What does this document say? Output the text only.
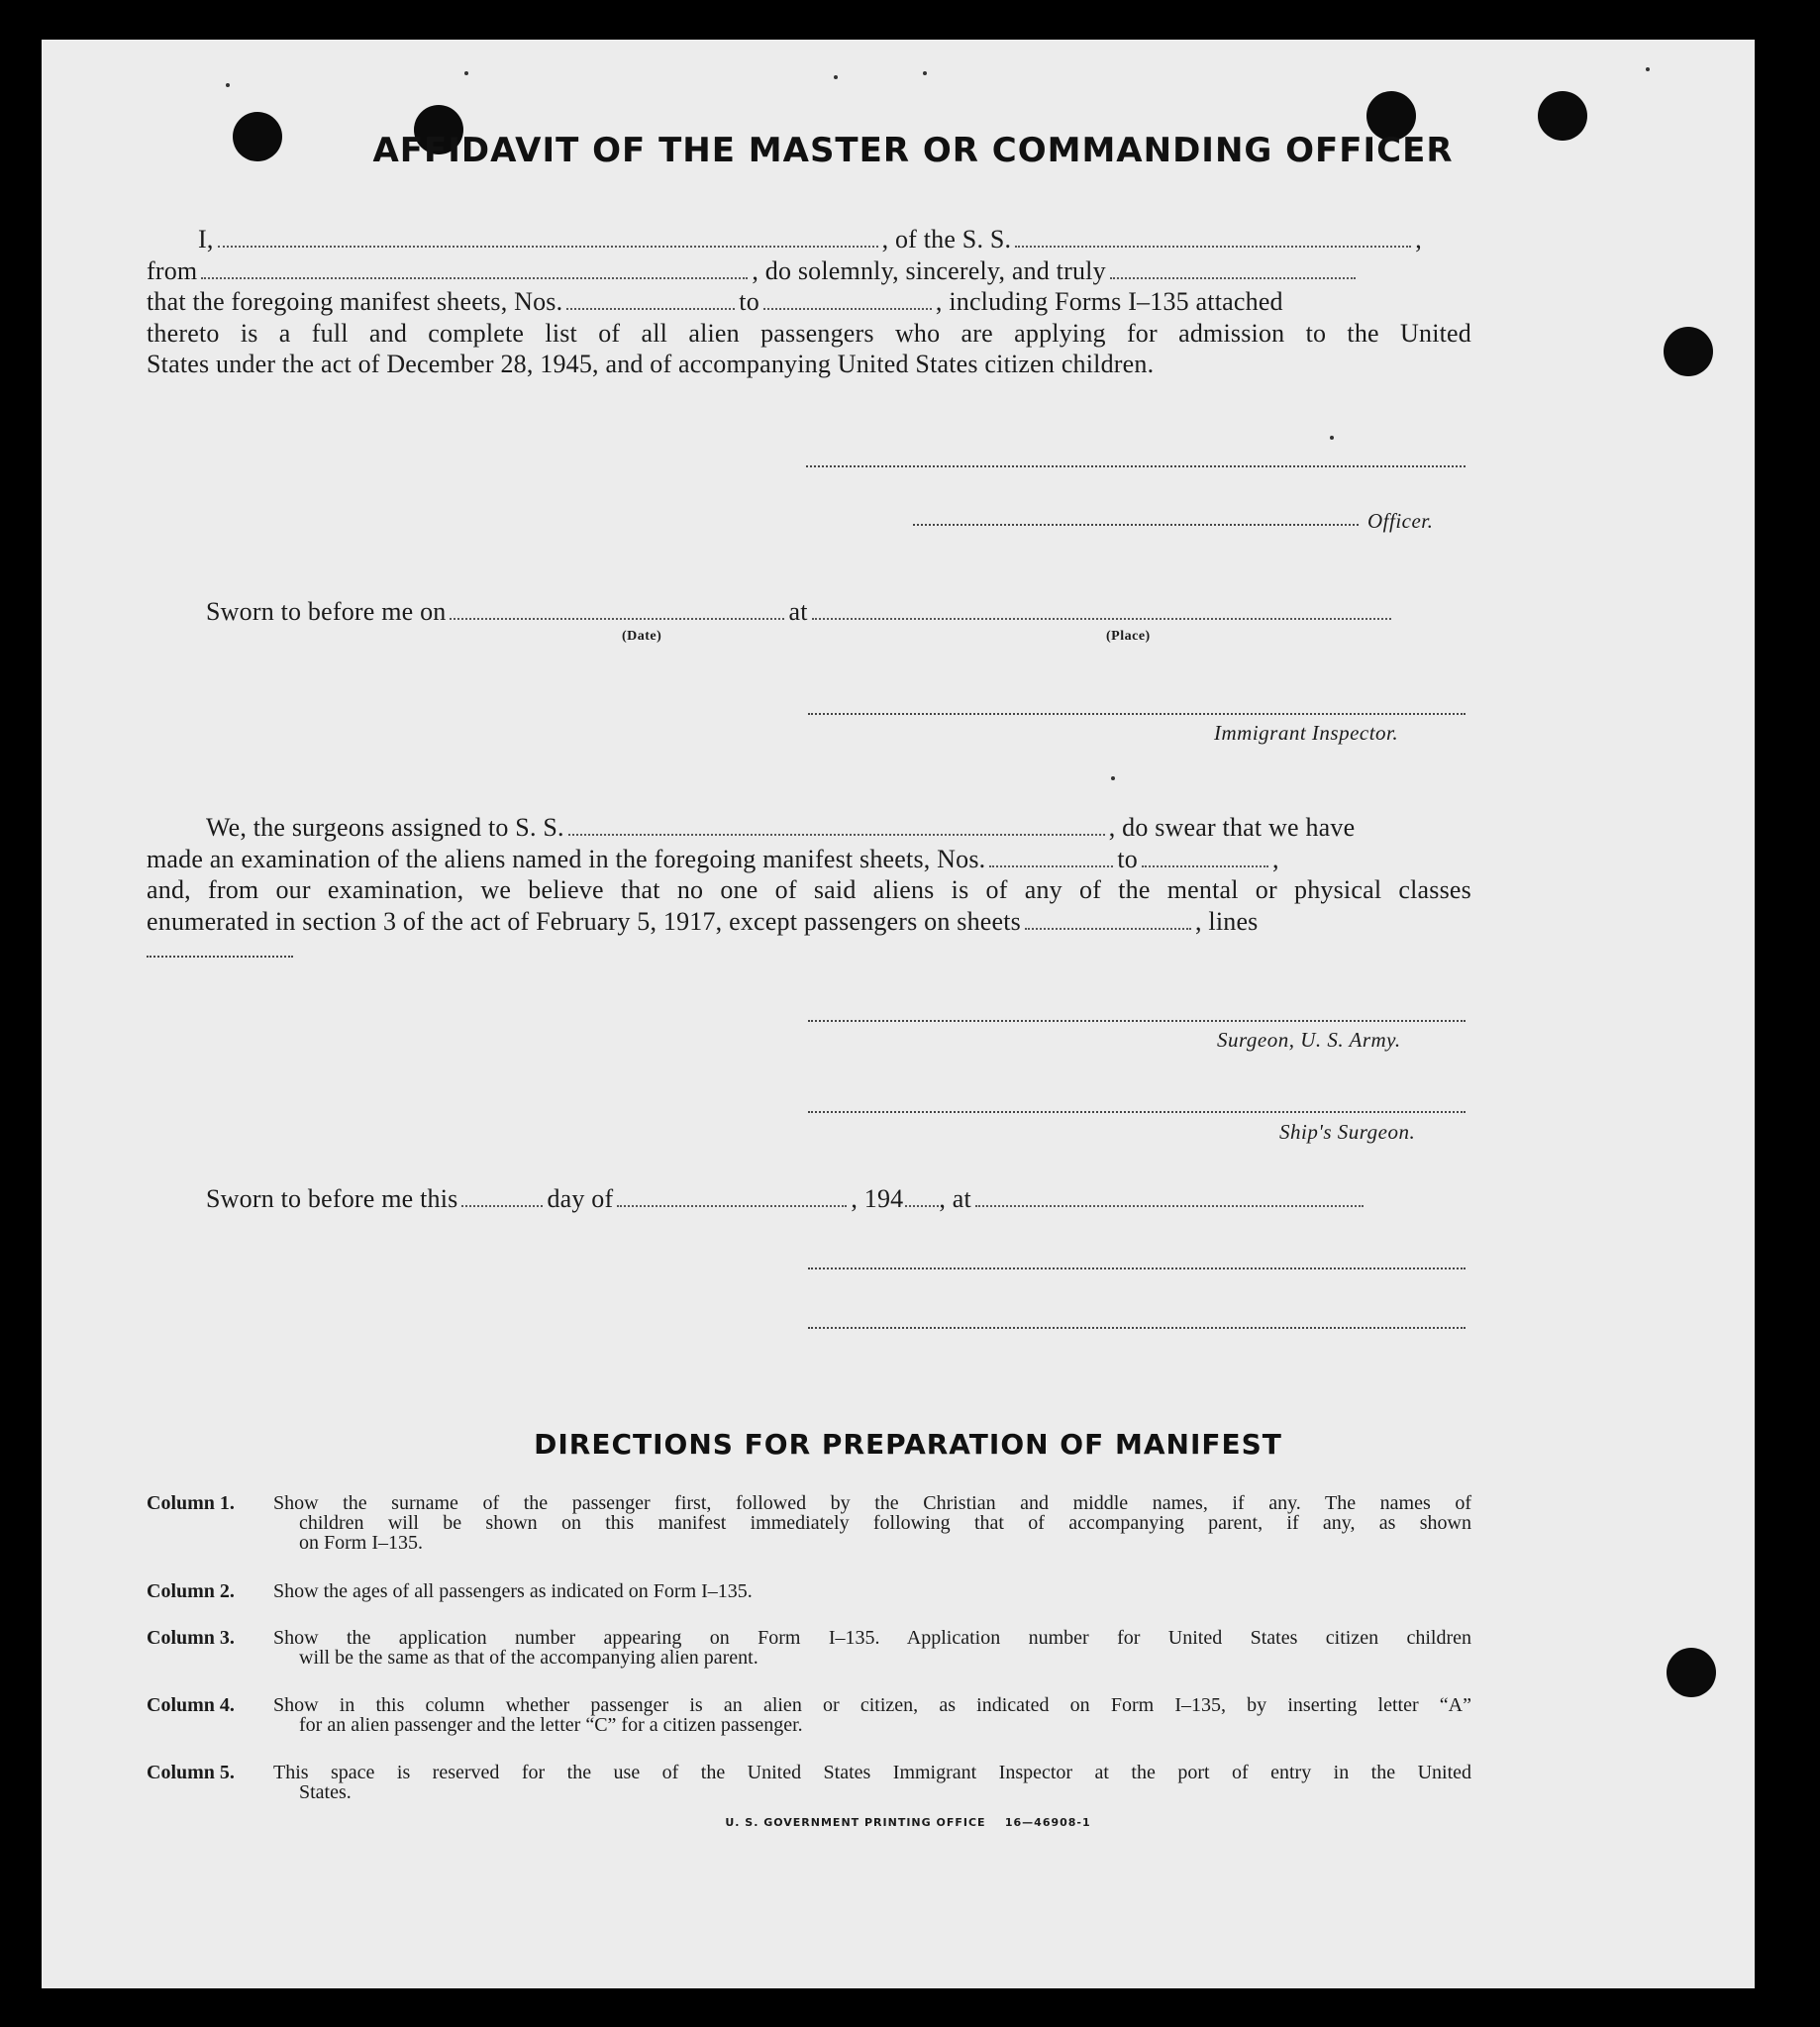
AFFIDAVIT OF THE MASTER OR COMMANDING OFFICER
I,	, of the S. S.	,
from	, do solemnly, sincerely, and truly
that the foregoing manifest sheets, Nos.	to	, including Forms I–135 attached
thereto is a full and complete list of all alien passengers who are applying for admission to the United
States under the act of December 28, 1945, and of accompanying United States citizen children.
Officer.
Sworn to before me on	at
(Date)	(Place)
Immigrant Inspector.
We, the surgeons assigned to S. S.	, do swear that we have
made an examination of the aliens named in the foregoing manifest sheets, Nos.	to	,
and, from our examination, we believe that no one of said aliens is of any of the mental or physical classes
enumerated in section 3 of the act of February 5, 1917, except passengers on sheets	, lines
Surgeon, U. S. Army.
Ship's Surgeon.
Sworn to before me this	day of	, 194 , at
DIRECTIONS FOR PREPARATION OF MANIFEST
Column 1. Show the surname of the passenger first, followed by the Christian and middle names, if any. The names of
children will be shown on this manifest immediately following that of accompanying parent, if any, as shown
on Form I–135.
Column 2. Show the ages of all passengers as indicated on Form I–135.
Column 3. Show the application number appearing on Form I–135. Application number for United States citizen children
will be the same as that of the accompanying alien parent.
Column 4. Show in this column whether passenger is an alien or citizen, as indicated on Form I–135, by inserting letter “A”
for an alien passenger and the letter “C” for a citizen passenger.
Column 5. This space is reserved for the use of the United States Immigrant Inspector at the port of entry in the United
States.
U. S. GOVERNMENT PRINTING OFFICE    16—46908-1
